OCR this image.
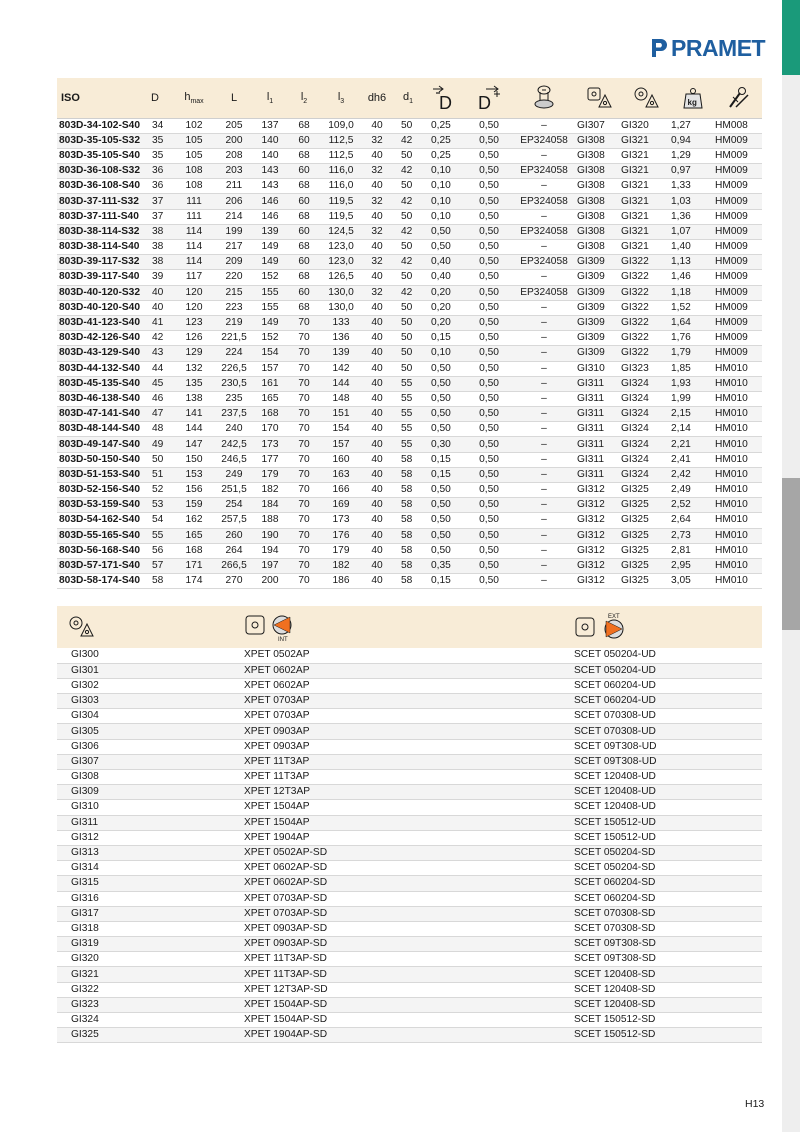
PRAMET
ISO	D	$h_{max}$	L	$l_1$	$l_2$	$l_3$	dh6	$d_1$	D	D				kg

803D-34-102-S40	34	102	205	137	68	109,0	40	50	0,25	0,50	–	GI307	GI320	1,27	HM008
803D-35-105-S32	35	105	200	140	60	112,5	32	42	0,25	0,50	EP324058	GI308	GI321	0,94	HM009
803D-35-105-S40	35	105	208	140	68	112,5	40	50	0,25	0,50	–	GI308	GI321	1,29	HM009
803D-36-108-S32	36	108	203	143	60	116,0	32	42	0,10	0,50	EP324058	GI308	GI321	0,97	HM009
803D-36-108-S40	36	108	211	143	68	116,0	40	50	0,10	0,50	–	GI308	GI321	1,33	HM009
803D-37-111-S32	37	111	206	146	60	119,5	32	42	0,10	0,50	EP324058	GI308	GI321	1,03	HM009
803D-37-111-S40	37	111	214	146	68	119,5	40	50	0,10	0,50	–	GI308	GI321	1,36	HM009
803D-38-114-S32	38	114	199	139	60	124,5	32	42	0,50	0,50	EP324058	GI308	GI321	1,07	HM009
803D-38-114-S40	38	114	217	149	68	123,0	40	50	0,50	0,50	–	GI308	GI321	1,40	HM009
803D-39-117-S32	38	114	209	149	60	123,0	32	42	0,40	0,50	EP324058	GI309	GI322	1,13	HM009
803D-39-117-S40	39	117	220	152	68	126,5	40	50	0,40	0,50	–	GI309	GI322	1,46	HM009
803D-40-120-S32	40	120	215	155	60	130,0	32	42	0,20	0,50	EP324058	GI309	GI322	1,18	HM009
803D-40-120-S40	40	120	223	155	68	130,0	40	50	0,20	0,50	–	GI309	GI322	1,52	HM009
803D-41-123-S40	41	123	219	149	70	133	40	50	0,20	0,50	–	GI309	GI322	1,64	HM009
803D-42-126-S40	42	126	221,5	152	70	136	40	50	0,15	0,50	–	GI309	GI322	1,76	HM009
803D-43-129-S40	43	129	224	154	70	139	40	50	0,10	0,50	–	GI309	GI322	1,79	HM009
803D-44-132-S40	44	132	226,5	157	70	142	40	50	0,50	0,50	–	GI310	GI323	1,85	HM010
803D-45-135-S40	45	135	230,5	161	70	144	40	55	0,50	0,50	–	GI311	GI324	1,93	HM010
803D-46-138-S40	46	138	235	165	70	148	40	55	0,50	0,50	–	GI311	GI324	1,99	HM010
803D-47-141-S40	47	141	237,5	168	70	151	40	55	0,50	0,50	–	GI311	GI324	2,15	HM010
803D-48-144-S40	48	144	240	170	70	154	40	55	0,50	0,50	–	GI311	GI324	2,14	HM010
803D-49-147-S40	49	147	242,5	173	70	157	40	55	0,30	0,50	–	GI311	GI324	2,21	HM010
803D-50-150-S40	50	150	246,5	177	70	160	40	58	0,15	0,50	–	GI311	GI324	2,41	HM010
803D-51-153-S40	51	153	249	179	70	163	40	58	0,15	0,50	–	GI311	GI324	2,42	HM010
803D-52-156-S40	52	156	251,5	182	70	166	40	58	0,50	0,50	–	GI312	GI325	2,49	HM010
803D-53-159-S40	53	159	254	184	70	169	40	58	0,50	0,50	–	GI312	GI325	2,52	HM010
803D-54-162-S40	54	162	257,5	188	70	173	40	58	0,50	0,50	–	GI312	GI325	2,64	HM010
803D-55-165-S40	55	165	260	190	70	176	40	58	0,50	0,50	–	GI312	GI325	2,73	HM010
803D-56-168-S40	56	168	264	194	70	179	40	58	0,50	0,50	–	GI312	GI325	2,81	HM010
803D-57-171-S40	57	171	266,5	197	70	182	40	58	0,35	0,50	–	GI312	GI325	2,95	HM010
803D-58-174-S40	58	174	270	200	70	186	40	58	0,15	0,50	–	GI312	GI325	3,05	HM010

INT	EXT

GI300	XPET 0502AP	SCET 050204-UD
GI301	XPET 0602AP	SCET 050204-UD
GI302	XPET 0602AP	SCET 060204-UD
GI303	XPET 0703AP	SCET 060204-UD
GI304	XPET 0703AP	SCET 070308-UD
GI305	XPET 0903AP	SCET 070308-UD
GI306	XPET 0903AP	SCET 09T308-UD
GI307	XPET 11T3AP	SCET 09T308-UD
GI308	XPET 11T3AP	SCET 120408-UD
GI309	XPET 12T3AP	SCET 120408-UD
GI310	XPET 1504AP	SCET 120408-UD
GI311	XPET 1504AP	SCET 150512-UD
GI312	XPET 1904AP	SCET 150512-UD
GI313	XPET 0502AP-SD	SCET 050204-SD
GI314	XPET 0602AP-SD	SCET 050204-SD
GI315	XPET 0602AP-SD	SCET 060204-SD
GI316	XPET 0703AP-SD	SCET 060204-SD
GI317	XPET 0703AP-SD	SCET 070308-SD
GI318	XPET 0903AP-SD	SCET 070308-SD
GI319	XPET 0903AP-SD	SCET 09T308-SD
GI320	XPET 11T3AP-SD	SCET 09T308-SD
GI321	XPET 11T3AP-SD	SCET 120408-SD
GI322	XPET 12T3AP-SD	SCET 120408-SD
GI323	XPET 1504AP-SD	SCET 120408-SD
GI324	XPET 1504AP-SD	SCET 150512-SD
GI325	XPET 1904AP-SD	SCET 150512-SD
H13
